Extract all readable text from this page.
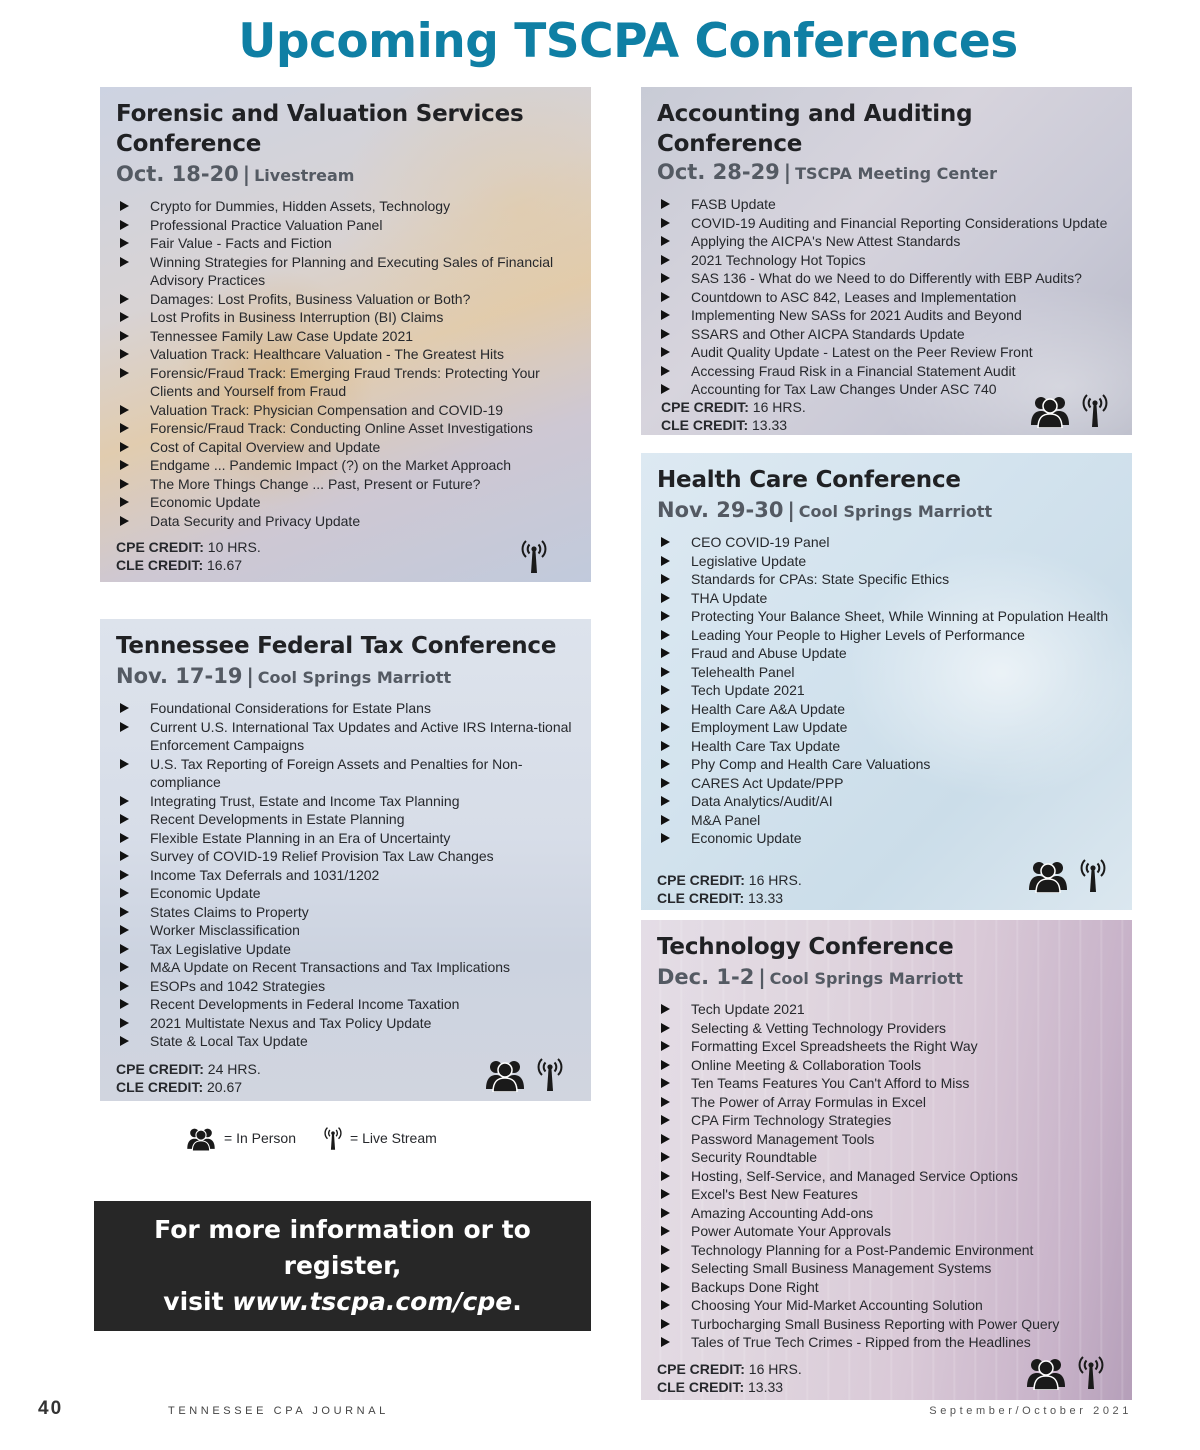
Upcoming TSCPA Conferences
Forensic and Valuation Services Conference
Oct. 18-20 | Livestream
Crypto for Dummies, Hidden Assets, Technology
Professional Practice Valuation Panel
Fair Value - Facts and Fiction
Winning Strategies for Planning and Executing Sales of Financial Advisory Practices
Damages: Lost Profits, Business Valuation or Both?
Lost Profits in Business Interruption (BI) Claims
Tennessee Family Law Case Update 2021
Valuation Track: Healthcare Valuation - The Greatest Hits
Forensic/Fraud Track: Emerging Fraud Trends: Protecting Your Clients and Yourself from Fraud
Valuation Track: Physician Compensation and COVID-19
Forensic/Fraud Track: Conducting Online Asset Investigations
Cost of Capital Overview and Update
Endgame ... Pandemic Impact (?) on the Market Approach
The More Things Change ... Past, Present or Future?
Economic Update
Data Security and Privacy Update
CPE CREDIT: 10 HRS.
CLE CREDIT: 16.67
Accounting and Auditing Conference
Oct. 28-29 | TSCPA Meeting Center
FASB Update
COVID-19 Auditing and Financial Reporting Considerations Update
Applying the AICPA's New Attest Standards
2021 Technology Hot Topics
SAS 136 - What do we Need to do Differently with EBP Audits?
Countdown to ASC 842, Leases and Implementation
Implementing New SASs for 2021 Audits and Beyond
SSARS and Other AICPA Standards Update
Audit Quality Update - Latest on the Peer Review Front
Accessing Fraud Risk in a Financial Statement Audit
Accounting for Tax Law Changes Under ASC 740
CPE CREDIT: 16 HRS.
CLE CREDIT: 13.33
Health Care Conference
Nov. 29-30 | Cool Springs Marriott
CEO COVID-19 Panel
Legislative Update
Standards for CPAs: State Specific Ethics
THA Update
Protecting Your Balance Sheet, While Winning at Population Health
Leading Your People to Higher Levels of Performance
Fraud and Abuse Update
Telehealth Panel
Tech Update 2021
Health Care A&A Update
Employment Law Update
Health Care Tax Update
Phy Comp and Health Care Valuations
CARES Act Update/PPP
Data Analytics/Audit/AI
M&A Panel
Economic Update
CPE CREDIT: 16 HRS.
CLE CREDIT: 13.33
Tennessee Federal Tax Conference
Nov. 17-19 | Cool Springs Marriott
Foundational Considerations for Estate Plans
Current U.S. International Tax Updates and Active IRS Interna-tional Enforcement Campaigns
U.S. Tax Reporting of Foreign Assets and Penalties for Non-compliance
Integrating Trust, Estate and Income Tax Planning
Recent Developments in Estate Planning
Flexible Estate Planning in an Era of Uncertainty
Survey of COVID-19 Relief Provision Tax Law Changes
Income Tax Deferrals and 1031/1202
Economic Update
States Claims to Property
Worker Misclassification
Tax Legislative Update
M&A Update on Recent Transactions and Tax Implications
ESOPs and 1042 Strategies
Recent Developments in Federal Income Taxation
2021 Multistate Nexus and Tax Policy Update
State & Local Tax Update
CPE CREDIT: 24 HRS.
CLE CREDIT: 20.67
Technology Conference
Dec. 1-2 | Cool Springs Marriott
Tech Update 2021
Selecting & Vetting Technology Providers
Formatting Excel Spreadsheets the Right Way
Online Meeting & Collaboration Tools
Ten Teams Features You Can't Afford to Miss
The Power of Array Formulas in Excel
CPA Firm Technology Strategies
Password Management Tools
Security Roundtable
Hosting, Self-Service, and Managed Service Options
Excel's Best New Features
Amazing Accounting Add-ons
Power Automate Your Approvals
Technology Planning for a Post-Pandemic Environment
Selecting Small Business Management Systems
Backups Done Right
Choosing Your Mid-Market Accounting Solution
Turbocharging Small Business Reporting with Power Query
Tales of True Tech Crimes - Ripped from the Headlines
CPE CREDIT: 16 HRS.
CLE CREDIT: 13.33
= In Person	= Live Stream
For more information or to register,
visit www.tscpa.com/cpe.
40	TENNESSEE CPA JOURNAL	September/October 2021
